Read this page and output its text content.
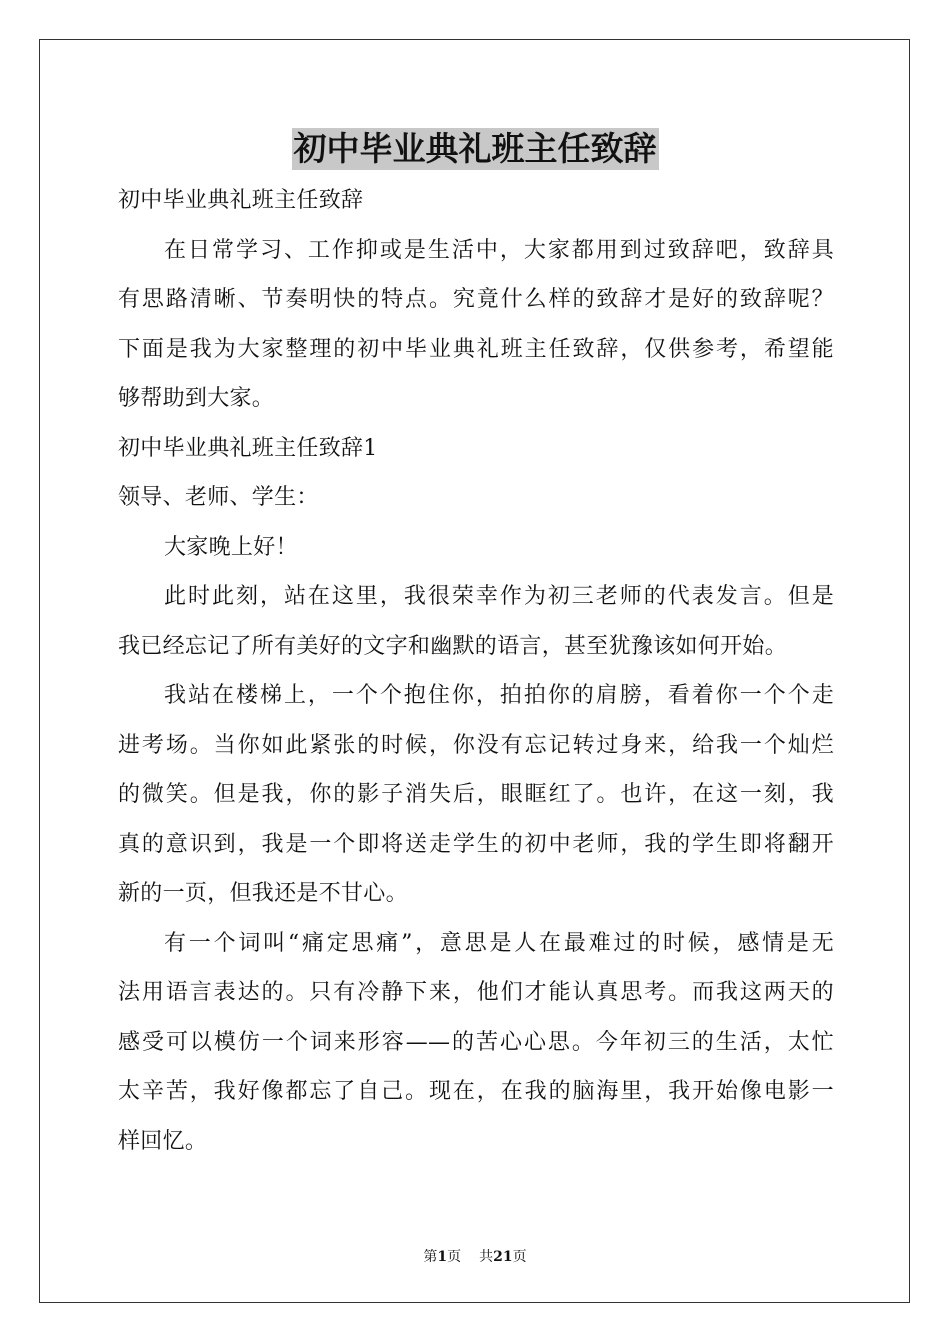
初中毕业典礼班主任致辞
初中毕业典礼班主任致辞
在日常学习、工作抑或是生活中，大家都用到过致辞吧，致辞具
有思路清晰、节奏明快的特点。究竟什么样的致辞才是好的致辞呢？
下面是我为大家整理的初中毕业典礼班主任致辞，仅供参考，希望能
够帮助到大家。
初中毕业典礼班主任致辞1
领导、老师、学生：
大家晚上好！
此时此刻，站在这里，我很荣幸作为初三老师的代表发言。但是
我已经忘记了所有美好的文字和幽默的语言，甚至犹豫该如何开始。
我站在楼梯上，一个个抱住你，拍拍你的肩膀，看着你一个个走
进考场。当你如此紧张的时候，你没有忘记转过身来，给我一个灿烂
的微笑。但是我，你的影子消失后，眼眶红了。也许，在这一刻，我
真的意识到，我是一个即将送走学生的初中老师，我的学生即将翻开
新的一页，但我还是不甘心。
有一个词叫“痛定思痛”，意思是人在最难过的时候，感情是无
法用语言表达的。只有冷静下来，他们才能认真思考。而我这两天的
感受可以模仿一个词来形容——的苦心心思。今年初三的生活，太忙
太辛苦，我好像都忘了自己。现在，在我的脑海里，我开始像电影一
样回忆。
第1页 共21页
